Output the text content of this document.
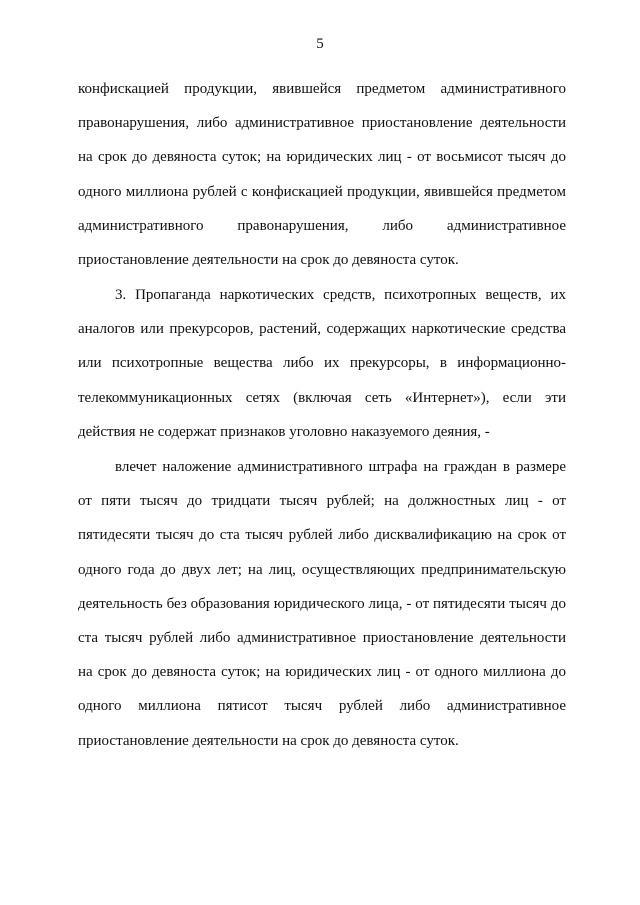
5

конфискацией продукции, явившейся предметом административного правонарушения, либо административное приостановление деятельности на срок до девяноста суток; на юридических лиц - от восьмисот тысяч до одного миллиона рублей с конфискацией продукции, явившейся предметом административного правонарушения, либо административное приостановление деятельности на срок до девяноста суток.

3. Пропаганда наркотических средств, психотропных веществ, их аналогов или прекурсоров, растений, содержащих наркотические средства или психотропные вещества либо их прекурсоры, в информационно-телекоммуникационных сетях (включая сеть «Интернет»), если эти действия не содержат признаков уголовно наказуемого деяния, -

влечет наложение административного штрафа на граждан в размере от пяти тысяч до тридцати тысяч рублей; на должностных лиц - от пятидесяти тысяч до ста тысяч рублей либо дисквалификацию на срок от одного года до двух лет; на лиц, осуществляющих предпринимательскую деятельность без образования юридического лица, - от пятидесяти тысяч до ста тысяч рублей либо административное приостановление деятельности на срок до девяноста суток; на юридических лиц - от одного миллиона до одного миллиона пятисот тысяч рублей либо административное приостановление деятельности на срок до девяноста суток.
